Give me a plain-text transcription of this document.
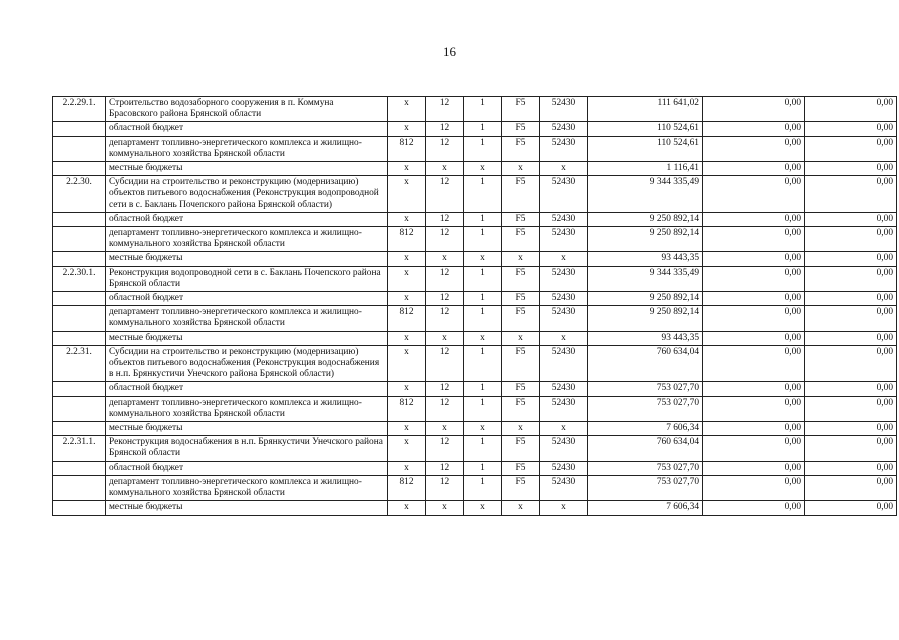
16
2.2.29.1.	Строительство водозаборного сооружения в п. Коммуна Брасовского района Брянской области	х	12	1	F5	52430	111 641,02	0,00	0,00
	областной бюджет	х	12	1	F5	52430	110 524,61	0,00	0,00
	департамент топливно-энергетического комплекса и жилищно-коммунального хозяйства Брянской области	812	12	1	F5	52430	110 524,61	0,00	0,00
	местные бюджеты	х	х	х	х	х	1 116,41	0,00	0,00
2.2.30.	Субсидии на строительство и реконструкцию (модернизацию) объектов питьевого водоснабжения (Реконструкция водопроводной сети в с. Баклань Почепского района Брянской области)	х	12	1	F5	52430	9 344 335,49	0,00	0,00
	областной бюджет	х	12	1	F5	52430	9 250 892,14	0,00	0,00
	департамент топливно-энергетического комплекса и жилищно-коммунального хозяйства Брянской области	812	12	1	F5	52430	9 250 892,14	0,00	0,00
	местные бюджеты	х	х	х	х	х	93 443,35	0,00	0,00
2.2.30.1.	Реконструкция водопроводной сети в с. Баклань Почепского района Брянской области	х	12	1	F5	52430	9 344 335,49	0,00	0,00
	областной бюджет	х	12	1	F5	52430	9 250 892,14	0,00	0,00
	департамент топливно-энергетического комплекса и жилищно-коммунального хозяйства Брянской области	812	12	1	F5	52430	9 250 892,14	0,00	0,00
	местные бюджеты	х	х	х	х	х	93 443,35	0,00	0,00
2.2.31.	Субсидии на строительство и реконструкцию (модернизацию) объектов питьевого водоснабжения (Реконструкция водоснабжения в н.п. Брянкустичи Унечского района Брянской области)	х	12	1	F5	52430	760 634,04	0,00	0,00
	областной бюджет	х	12	1	F5	52430	753 027,70	0,00	0,00
	департамент топливно-энергетического комплекса и жилищно-коммунального хозяйства Брянской области	812	12	1	F5	52430	753 027,70	0,00	0,00
	местные бюджеты	х	х	х	х	х	7 606,34	0,00	0,00
2.2.31.1.	Реконструкция водоснабжения в н.п. Брянкустичи Унечского района Брянской области	х	12	1	F5	52430	760 634,04	0,00	0,00
	областной бюджет	х	12	1	F5	52430	753 027,70	0,00	0,00
	департамент топливно-энергетического комплекса и жилищно-коммунального хозяйства Брянской области	812	12	1	F5	52430	753 027,70	0,00	0,00
	местные бюджеты	х	х	х	х	х	7 606,34	0,00	0,00
